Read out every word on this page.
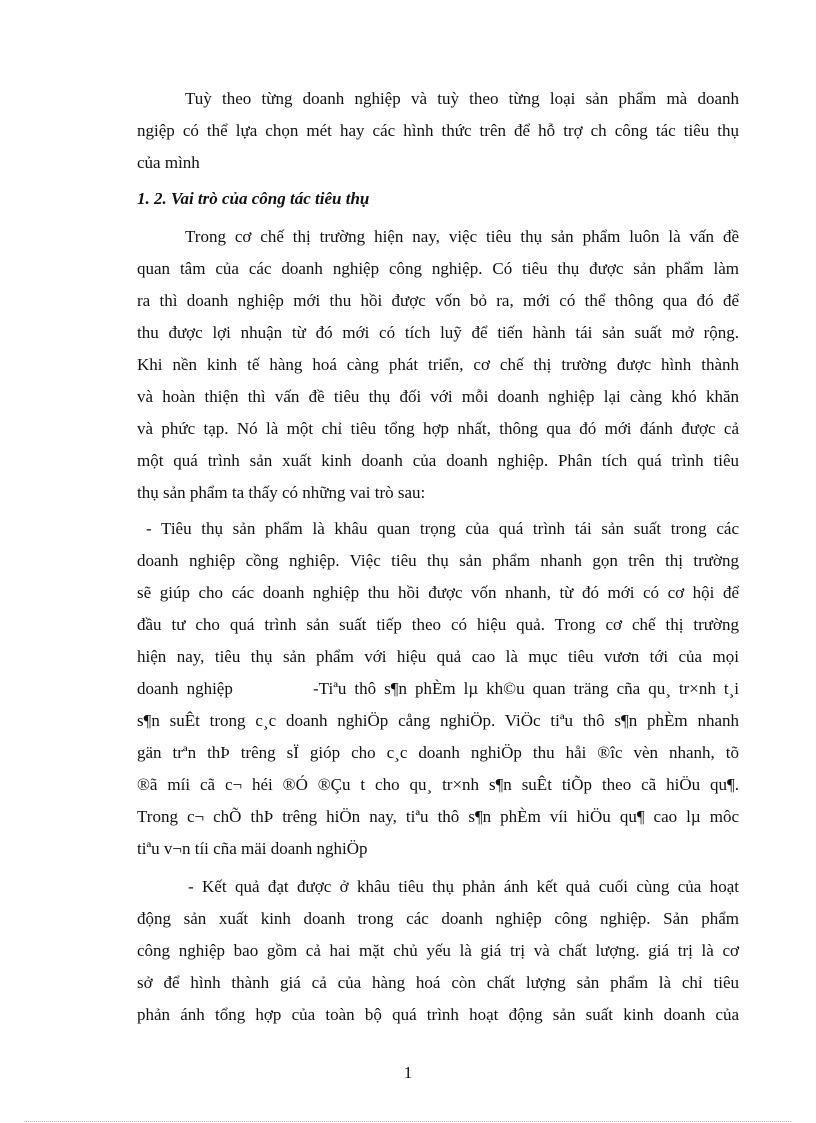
Tuỳ theo từng doanh nghiệp và tuỳ theo từng loại sản phẩm mà doanh
ngiệp có thể lựa chọn mét hay các hình thức trên để hỗ trợ ch công tác tiêu thụ
của mình
1. 2. Vai trò của công tác tiêu thụ
Trong cơ chế thị trường hiện nay, việc tiêu thụ sản phẩm luôn là vấn đề
quan tâm của các doanh nghiệp công nghiệp. Có tiêu thụ được sản phẩm làm
ra thì doanh nghiệp mới thu hồi được vốn bỏ ra, mới có thể thông qua đó để
thu được lợi nhuận từ đó mới có tích luỹ để tiến hành tái sản suất mở rộng.
Khi nền kinh tế hàng hoá càng phát triển, cơ chế thị trường được hình thành
và hoàn thiện thì vấn đề tiêu thụ đối với mỗi doanh nghiệp lại càng khó khăn
và phức tạp. Nó là một chỉ tiêu tổng hợp nhất, thông qua đó mới đánh được cả
một quá trình sản xuất kinh doanh của doanh nghiệp. Phân tích quá trình tiêu
thụ sản phẩm ta thấy có những vai trò sau:
- Tiêu thụ sản phẩm là khâu quan trọng của quá trình tái sản suất trong các
doanh nghiệp cồng nghiệp. Việc tiêu thụ sản phẩm nhanh gọn trên thị trường
sẽ giúp cho các doanh nghiệp thu hồi được vốn nhanh, từ đó mới có cơ hội để
đầu tư cho quá trình sản suất tiếp theo có hiệu quả. Trong cơ chế thị trường
hiện nay, tiêu thụ sản phẩm với hiệu quả cao là mục tiêu vươn tới của mọi
doanh nghiệp          -Tiªu thô s¶n phÈm lµ kh©u quan träng cña qu¸ tr×nh t¸i
s¶n suÊt trong c¸c doanh nghiÖp cång nghiÖp. ViÖc tiªu thô s¶n phÈm nhanh
gän trªn thÞ trêng sÏ gióp cho c¸c doanh nghiÖp thu håi ®îc vèn nhanh, tõ
®ã míi cã c¬ héi ®Ó ®Çu t cho qu¸ tr×nh s¶n suÊt tiÕp theo cã hiÖu qu¶.
Trong c¬ chÕ thÞ trêng hiÖn nay, tiªu thô s¶n phÈm víi hiÖu qu¶ cao lµ môc
tiªu v¬n tíi cña mäi doanh nghiÖp
- Kết quả đạt được ở khâu tiêu thụ phản ánh kết quả cuối cùng của hoạt
động sản xuất kinh doanh trong các doanh nghiệp công nghiệp. Sản phẩm
công nghiệp bao gồm cả hai mặt chủ yếu là giá trị và chất lượng. giá trị là cơ
sở để hình thành giá cả của hàng hoá còn chất lượng sản phẩm là chỉ tiêu
phản ánh tổng hợp của toàn bộ quá trình hoạt động sản suất kinh doanh của
1
